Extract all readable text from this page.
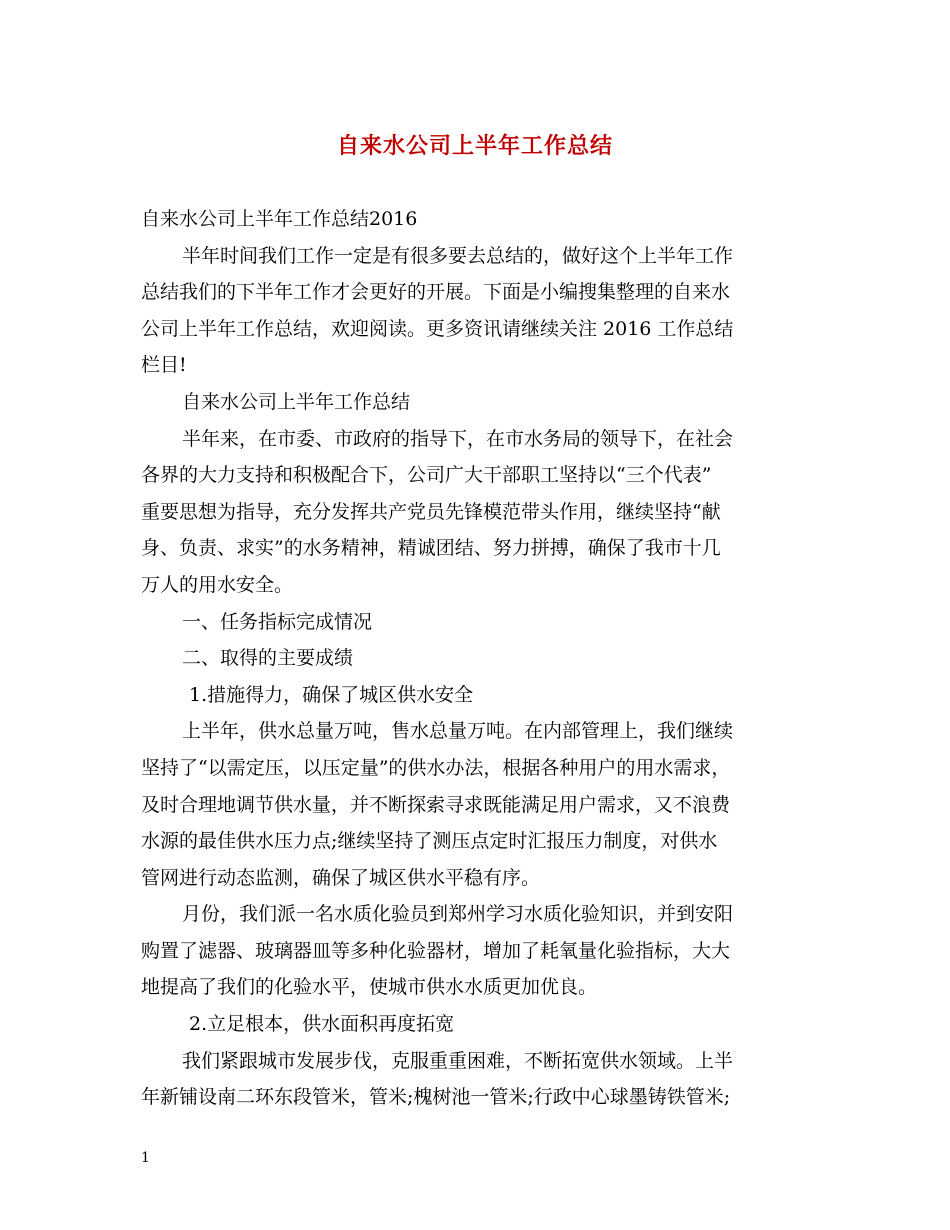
自来水公司上半年工作总结
自来水公司上半年工作总结2016
半年时间我们工作一定是有很多要去总结的，做好这个上半年工作
总结我们的下半年工作才会更好的开展。下面是小编搜集整理的自来水
公司上半年工作总结，欢迎阅读。更多资讯请继续关注 2016 工作总结
栏目!
自来水公司上半年工作总结
半年来，在市委、市政府的指导下，在市水务局的领导下，在社会
各界的大力支持和积极配合下，公司广大干部职工坚持以“三个代表”
重要思想为指导，充分发挥共产党员先锋模范带头作用，继续坚持“献
身、负责、求实”的水务精神，精诚团结、努力拼搏，确保了我市十几
万人的用水安全。
一、任务指标完成情况
二、取得的主要成绩
1.措施得力，确保了城区供水安全
上半年，供水总量万吨，售水总量万吨。在内部管理上，我们继续
坚持了“以需定压，以压定量”的供水办法，根据各种用户的用水需求，
及时合理地调节供水量，并不断探索寻求既能满足用户需求，又不浪费
水源的最佳供水压力点;继续坚持了测压点定时汇报压力制度，对供水
管网进行动态监测，确保了城区供水平稳有序。
月份，我们派一名水质化验员到郑州学习水质化验知识，并到安阳
购置了滤器、玻璃器皿等多种化验器材，增加了耗氧量化验指标，大大
地提高了我们的化验水平，使城市供水水质更加优良。
2.立足根本，供水面积再度拓宽
我们紧跟城市发展步伐，克服重重困难，不断拓宽供水领域。上半
年新铺设南二环东段管米，管米;槐树池一管米;行政中心球墨铸铁管米;
1
